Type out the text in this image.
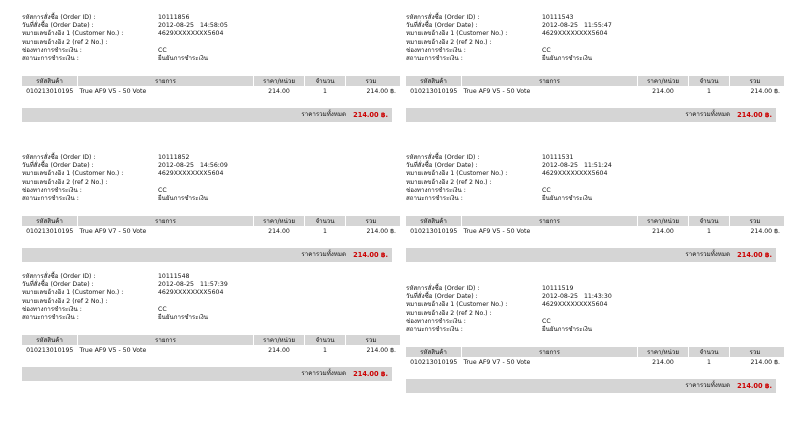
รหัสการสั่งซื้อ (Order ID) :	10111856
วันที่สั่งซื้อ (Order Date) :	2012-08-25 14:58:05
หมายเลขอ้างอิง 1 (Customer No.) :	4629XXXXXXXX5604
หมายเลขอ้างอิง 2 (ref 2 No.) :
ช่องทางการชำระเงิน :	CC
สถานะการชำระเงิน :	ยืนยันการชำระเงิน
รหัสสินค้า	รายการ	ราคา/หน่วย	จำนวน	รวม
010213010195	True AF9 V5 - 50 Vote	214.00	1	214.00 ฿.
ราคารวมทั้งหมด 214.00 ฿.
รหัสการสั่งซื้อ (Order ID) :	10111543
วันที่สั่งซื้อ (Order Date) :	2012-08-25 11:55:47
หมายเลขอ้างอิง 1 (Customer No.) :	4629XXXXXXXX5604
หมายเลขอ้างอิง 2 (ref 2 No.) :
ช่องทางการชำระเงิน :	CC
สถานะการชำระเงิน :	ยืนยันการชำระเงิน
รหัสสินค้า	รายการ	ราคา/หน่วย	จำนวน	รวม
010213010195	True AF9 V5 - 50 Vote	214.00	1	214.00 ฿.
ราคารวมทั้งหมด 214.00 ฿.
รหัสการสั่งซื้อ (Order ID) :	10111852
วันที่สั่งซื้อ (Order Date) :	2012-08-25 14:56:09
หมายเลขอ้างอิง 1 (Customer No.) :	4629XXXXXXXX5604
หมายเลขอ้างอิง 2 (ref 2 No.) :
ช่องทางการชำระเงิน :	CC
สถานะการชำระเงิน :	ยืนยันการชำระเงิน
รหัสสินค้า	รายการ	ราคา/หน่วย	จำนวน	รวม
010213010195	True AF9 V7 - 50 Vote	214.00	1	214.00 ฿.
ราคารวมทั้งหมด 214.00 ฿.
รหัสการสั่งซื้อ (Order ID) :	10111531
วันที่สั่งซื้อ (Order Date) :	2012-08-25 11:51:24
หมายเลขอ้างอิง 1 (Customer No.) :	4629XXXXXXXX5604
หมายเลขอ้างอิง 2 (ref 2 No.) :
ช่องทางการชำระเงิน :	CC
สถานะการชำระเงิน :	ยืนยันการชำระเงิน
รหัสสินค้า	รายการ	ราคา/หน่วย	จำนวน	รวม
010213010195	True AF9 V5 - 50 Vote	214.00	1	214.00 ฿.
ราคารวมทั้งหมด 214.00 ฿.
รหัสการสั่งซื้อ (Order ID) :	10111548
วันที่สั่งซื้อ (Order Date) :	2012-08-25 11:57:39
หมายเลขอ้างอิง 1 (Customer No.) :	4629XXXXXXXX5604
หมายเลขอ้างอิง 2 (ref 2 No.) :
ช่องทางการชำระเงิน :	CC
สถานะการชำระเงิน :	ยืนยันการชำระเงิน
รหัสสินค้า	รายการ	ราคา/หน่วย	จำนวน	รวม
010213010195	True AF9 V5 - 50 Vote	214.00	1	214.00 ฿.
ราคารวมทั้งหมด 214.00 ฿.
รหัสการสั่งซื้อ (Order ID) :	10111519
วันที่สั่งซื้อ (Order Date) :	2012-08-25 11:43:30
หมายเลขอ้างอิง 1 (Customer No.) :	4629XXXXXXXX5604
หมายเลขอ้างอิง 2 (ref 2 No.) :
ช่องทางการชำระเงิน :	CC
สถานะการชำระเงิน :	ยืนยันการชำระเงิน
รหัสสินค้า	รายการ	ราคา/หน่วย	จำนวน	รวม
010213010195	True AF9 V7 - 50 Vote	214.00	1	214.00 ฿.
ราคารวมทั้งหมด 214.00 ฿.
